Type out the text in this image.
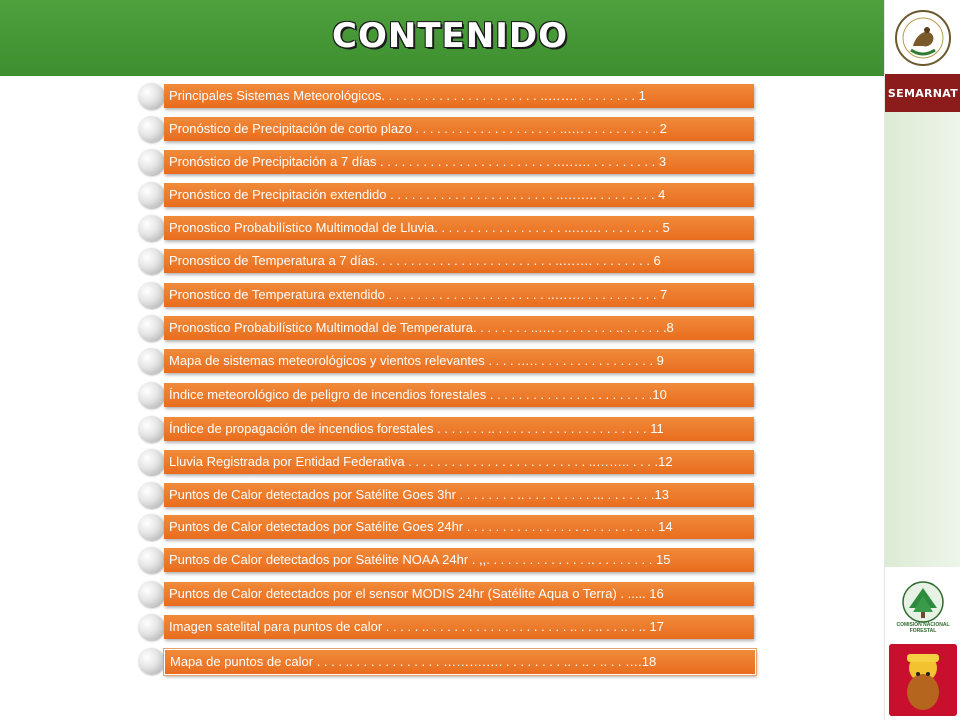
CONTENIDO
SEMARNAT
COMISIÓN NACIONAL FORESTAL
Principales Sistemas Meteorológicos. . . . . . . . . . . . . . . . . . . . . . ..……. . . . . . . . . 1
Pronóstico de Precipitación de corto plazo . . . . . . . . . . . . . . . . . . . . ..…. . . . . . . . . . . 2
Pronóstico de Precipitación a 7 días . . . . . . . . . . . . . . . . . . . . . . . . ..……. . . . . . . . . . 3
Pronóstico de Precipitación extendido . . . . . . . . . . . . . . . . . . . . . . . ..…….. . . . . . . . . 4
Pronostico Probabilístico Multimodal de Lluvia. . . . . . . . . . . . . . . . . . ..……. . . . . . . . . 5
Pronostico de Temperatura a 7 días. . . . . . . . . . . . . . . . . . . . . . . . . ..……. . . . . . . . . 6
Pronostico de Temperatura extendido . . . . . . . . . . . . . . . . . . . . . . ..……. . . . . . . . . . . 7
Pronostico Probabilístico Multimodal de Temperatura. . . . . . . . ..…. . . . . . . . . .. . . . . . .8
Mapa de sistemas meteorológicos y vientos relevantes . . . . .…. . . . . . . . . . . . . . . . . 9
Índice meteorológico de peligro de incendios forestales . . . . . . . . . . . . . . . . . . . . . . .10
Índice de propagación de incendios forestales . . . . . . . .. . . . . . . . . . . . . . . . . . . . . . 11
Lluvia Registrada por Entidad Federativa . . . . . . . . . . . . . . . . . . . . . . . . . ..…….. . . . .12
Puntos de Calor detectados por Satélite Goes 3hr . . . . . . . . .. . . . . . . . . . ... . . . . . . .13
Puntos de Calor detectados por Satélite Goes 24hr . . . . . . . . . . . . . . . . .. . . . . . . . . . 14
Puntos de Calor detectados por Satélite NOAA 24hr . ,,. . . . . . . . . . . . . . .. . . . . . . . . 15
Puntos de Calor detectados por el sensor MODIS 24hr (Satélite Aqua o Terra) . ..... 16
Imagen satelital para puntos de calor . . . . . .. . . . . . . . . . . . . . . . . . . . .. . . .. . . .. . .. 17
Mapa de puntos de calor . . . . .. . . . . . . . . . . . . ……….…. . . . . . . . . .. . .. . .. . . ….18
